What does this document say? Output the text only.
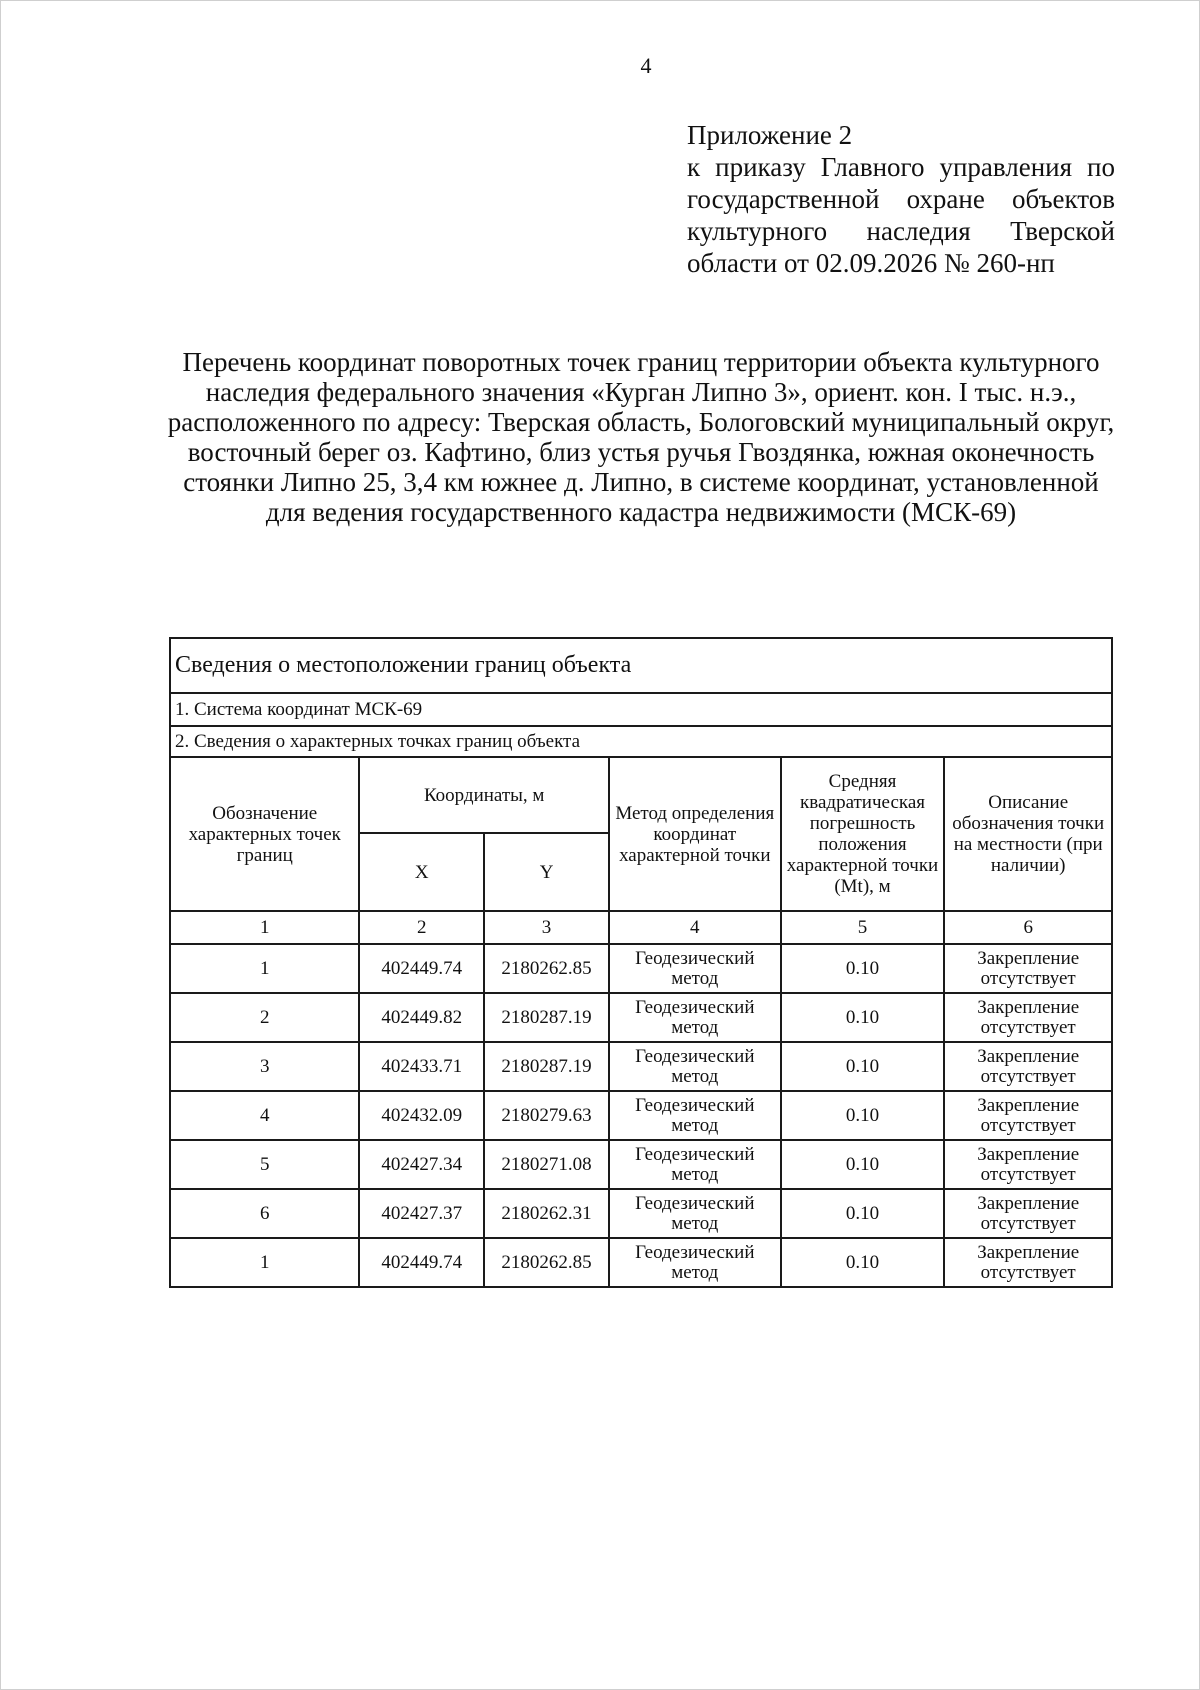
4
Приложение 2
к приказу Главного управления по государственной охране объектов культурного наследия Тверской области от 02.09.2026 № 260-нп
Перечень координат поворотных точек границ территории объекта культурного наследия федерального значения «Курган Липно 3», ориент. кон. I тыс. н.э., расположенного по адресу: Тверская область, Бологовский муниципальный округ, восточный берег оз. Кафтино, близ устья ручья Гвоздянка, южная оконечность стоянки Липно 25, 3,4 км южнее д. Липно, в системе координат, установленной для ведения государственного кадастра недвижимости (МСК-69)
Сведения о местоположении границ объекта					
1. Система координат МСК-69					
2. Сведения о характерных точках границ объекта					
Обозначение характерных точек границ	Координаты, м		Метод определения координат характерной точки	Средняя квадратическая погрешность положения характерной точки (Mt), м	Описание обозначения точки на местности (при наличии)
	X	Y			
1	2	3	4	5	6
1	402449.74	2180262.85	Геодезический метод	0.10	Закрепление отсутствует
2	402449.82	2180287.19	Геодезический метод	0.10	Закрепление отсутствует
3	402433.71	2180287.19	Геодезический метод	0.10	Закрепление отсутствует
4	402432.09	2180279.63	Геодезический метод	0.10	Закрепление отсутствует
5	402427.34	2180271.08	Геодезический метод	0.10	Закрепление отсутствует
6	402427.37	2180262.31	Геодезический метод	0.10	Закрепление отсутствует
1	402449.74	2180262.85	Геодезический метод	0.10	Закрепление отсутствует
